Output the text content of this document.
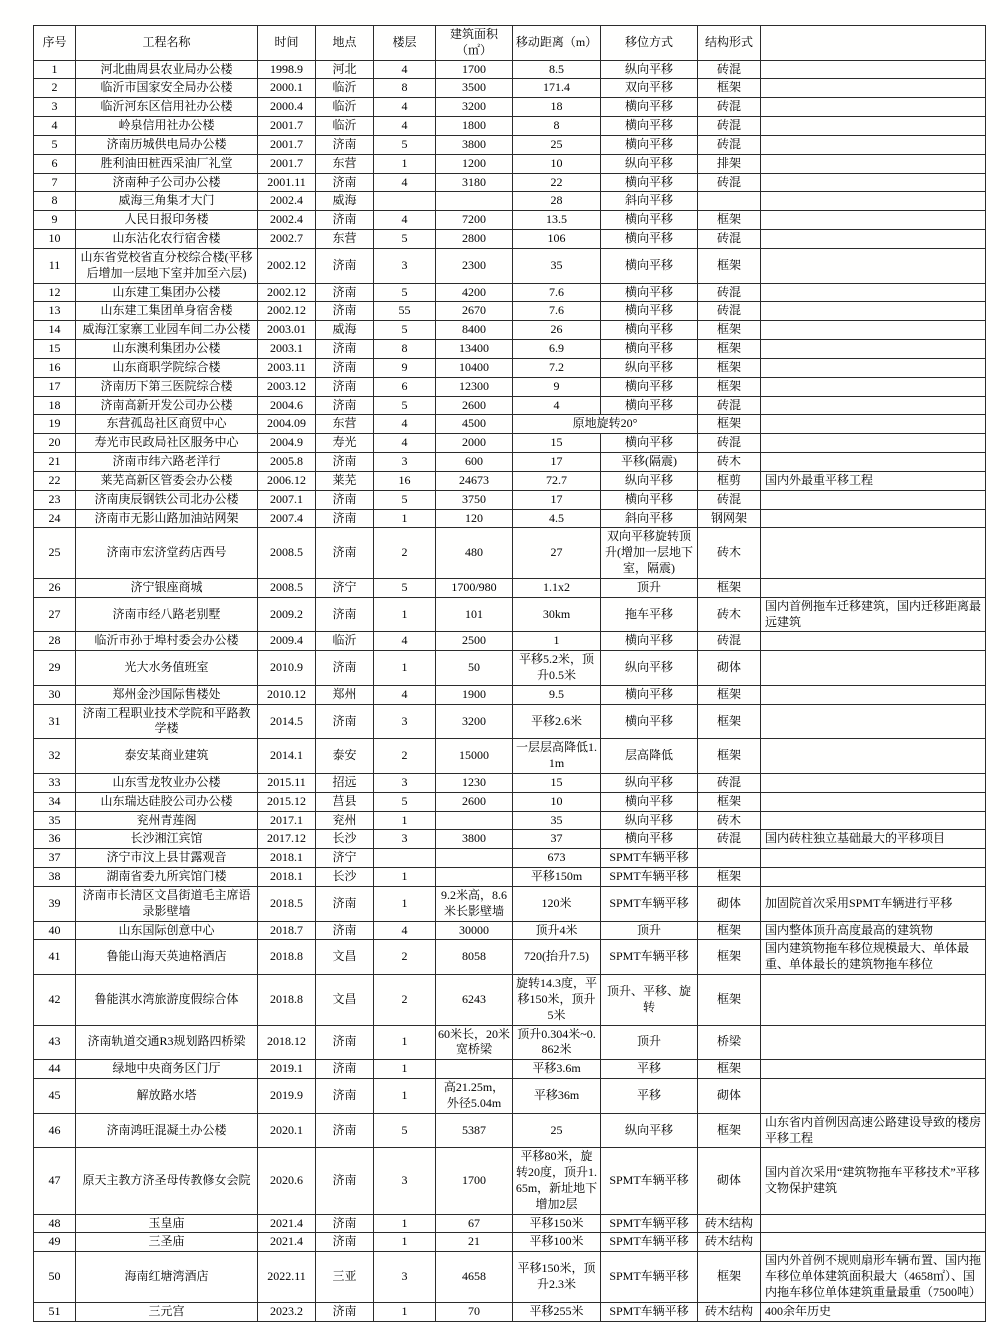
序号	工程名称	时间	地点	楼层	建筑面积（㎡）	移动距离（m）	移位方式	结构形式	
1	河北曲周县农业局办公楼	1998.9	河北	4	1700	8.5	纵向平移	砖混	
2	临沂市国家安全局办公楼	2000.1	临沂	8	3500	171.4	双向平移	框架	
3	临沂河东区信用社办公楼	2000.4	临沂	4	3200	18	横向平移	砖混	
4	岭泉信用社办公楼	2001.7	临沂	4	1800	8	横向平移	砖混	
5	济南历城供电局办公楼	2001.7	济南	5	3800	25	横向平移	砖混	
6	胜利油田桩西采油厂礼堂	2001.7	东营	1	1200	10	纵向平移	排架	
7	济南种子公司办公楼	2001.11	济南	4	3180	22	横向平移	砖混	
8	威海三角集才大门	2002.4	威海			28	斜向平移		
9	人民日报印务楼	2002.4	济南	4	7200	13.5	横向平移	框架	
10	山东沾化农行宿舍楼	2002.7	东营	5	2800	106	横向平移	砖混	
11	山东省党校省直分校综合楼(平移后增加一层地下室并加至六层)	2002.12	济南	3	2300	35	横向平移	框架	
12	山东建工集团办公楼	2002.12	济南	5	4200	7.6	横向平移	砖混	
13	山东建工集团单身宿舍楼	2002.12	济南	55	2670	7.6	横向平移	砖混	
14	威海江家寨工业园车间二办公楼	2003.01	威海	5	8400	26	横向平移	框架	
15	山东澳利集团办公楼	2003.1	济南	8	13400	6.9	横向平移	框架	
16	山东商职学院综合楼	2003.11	济南	9	10400	7.2	纵向平移	框架	
17	济南历下第三医院综合楼	2003.12	济南	6	12300	9	横向平移	框架	
18	济南高新开发公司办公楼	2004.6	济南	5	2600	4	横向平移	砖混	
19	东营孤岛社区商贸中心	2004.09	东营	4	4500	原地旋转20°		框架	
20	寿光市民政局社区服务中心	2004.9	寿光	4	2000	15	横向平移	砖混	
21	济南市纬六路老洋行	2005.8	济南	3	600	17	平移(隔震)	砖木	
22	莱芜高新区管委会办公楼	2006.12	莱芜	16	24673	72.7	纵向平移	框剪	国内外最重平移工程
23	济南庚辰钢铁公司北办公楼	2007.1	济南	5	3750	17	横向平移	砖混	
24	济南市无影山路加油站网架	2007.4	济南	1	120	4.5	斜向平移	钢网架	
25	济南市宏济堂药店西号	2008.5	济南	2	480	27	双向平移旋转顶升(增加一层地下室，隔震)	砖木	
26	济宁银座商城	2008.5	济宁	5	1700/980	1.1x2	顶升	框架	
27	济南市经八路老别墅	2009.2	济南	1	101	30km	拖车平移	砖木	国内首例拖车迁移建筑，国内迁移距离最远建筑
28	临沂市孙于埠村委会办公楼	2009.4	临沂	4	2500	1	横向平移	砖混	
29	光大水务值班室	2010.9	济南	1	50	平移5.2米，顶升0.5米	纵向平移	砌体	
30	郑州金沙国际售楼处	2010.12	郑州	4	1900	9.5	横向平移	框架	
31	济南工程职业技术学院和平路教学楼	2014.5	济南	3	3200	平移2.6米	横向平移	框架	
32	泰安某商业建筑	2014.1	泰安	2	15000	一层层高降低1.1m	层高降低	框架	
33	山东雪龙牧业办公楼	2015.11	招远	3	1230	15	纵向平移	砖混	
34	山东瑞达硅胶公司办公楼	2015.12	莒县	5	2600	10	横向平移	框架	
35	兖州青莲阁	2017.1	兖州	1		35	纵向平移	砖木	
36	长沙湘江宾馆	2017.12	长沙	3	3800	37	横向平移	砖混	国内砖柱独立基础最大的平移项目
37	济宁市汶上县甘露观音	2018.1	济宁			673	SPMT车辆平移		
38	湖南省委九所宾馆门楼	2018.1	长沙	1		平移150m	SPMT车辆平移	框架	
39	济南市长清区文昌街道毛主席语录影壁墙	2018.5	济南	1	9.2米高，8.6米长影壁墙	120米	SPMT车辆平移	砌体	加固院首次采用SPMT车辆进行平移
40	山东国际创意中心	2018.7	济南	4	30000	顶升4米	顶升	框架	国内整体顶升高度最高的建筑物
41	鲁能山海天英迪格酒店	2018.8	文昌	2	8058	720(抬升7.5)	SPMT车辆平移	框架	国内建筑物拖车移位规模最大、单体最重、单体最长的建筑物拖车移位
42	鲁能淇水湾旅游度假综合体	2018.8	文昌	2	6243	旋转14.3度，平移150米，顶升5米	顶升、平移、旋转	框架	
43	济南轨道交通R3规划路四桥梁	2018.12	济南	1	60米长，20米宽桥梁	顶升0.304米~0.862米	顶升	桥梁	
44	绿地中央商务区门厅	2019.1	济南	1		平移3.6m	平移	框架	
45	解放路水塔	2019.9	济南	1	高21.25m，外径5.04m	平移36m	平移	砌体	
46	济南鸿旺混凝土办公楼	2020.1	济南	5	5387	25	纵向平移	框架	山东省内首例因高速公路建设导致的楼房平移工程
47	原天主教方济圣母传教修女会院	2020.6	济南	3	1700	平移80米，旋转20度，顶升1.65m，新址地下增加2层	SPMT车辆平移	砌体	国内首次采用“建筑物拖车平移技术”平移文物保护建筑
48	玉皇庙	2021.4	济南	1	67	平移150米	SPMT车辆平移	砖木结构	
49	三圣庙	2021.4	济南	1	21	平移100米	SPMT车辆平移	砖木结构	
50	海南红塘湾酒店	2022.11	三亚	3	4658	平移150米，顶升2.3米	SPMT车辆平移	框架	国内外首例不规则扇形车辆布置、国内拖车移位单体建筑面积最大（4658㎡）、国内拖车移位单体建筑重量最重（7500吨）
51	三元宫	2023.2	济南	1	70	平移255米	SPMT车辆平移	砖木结构	400余年历史
